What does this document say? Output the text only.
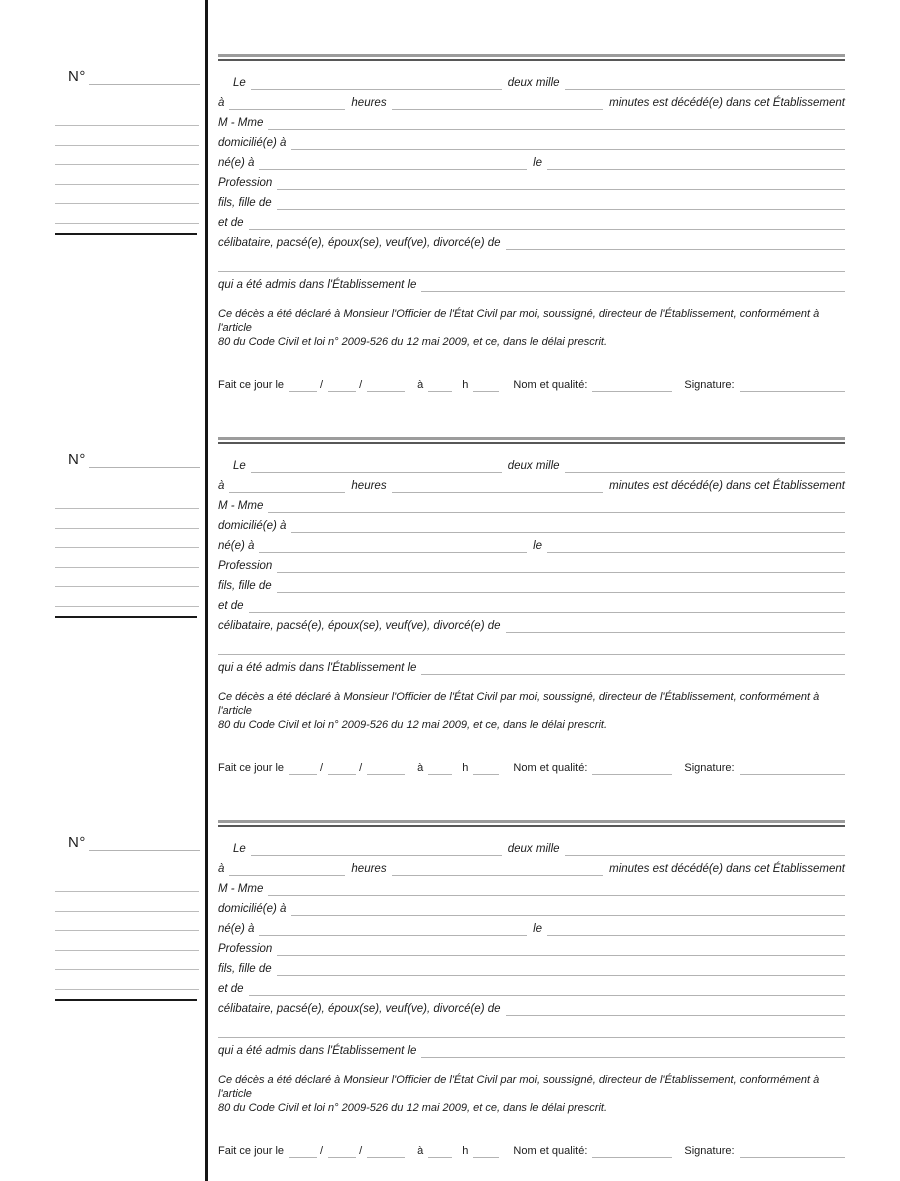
N°	Le	deux mille
à	heures	minutes est décédé(e) dans cet Établissement
M - Mme
domicilié(e) à
né(e) à	le
Profession
fils, fille de
et de
célibataire, pacsé(e), époux(se), veuf(ve), divorcé(e) de
qui a été admis dans l'Établissement le
Ce décès a été déclaré à Monsieur l'Officier de l'État Civil par moi, soussigné, directeur de l'Établissement, conformément à l'article
80 du Code Civil et loi n° 2009-526 du 12 mai 2009, et ce, dans le délai prescrit.
Fait ce jour le	/	/	à	h	Nom et qualité:	Signature:
N°	Le	deux mille
à	heures	minutes est décédé(e) dans cet Établissement
M - Mme
domicilié(e) à
né(e) à	le
Profession
fils, fille de
et de
célibataire, pacsé(e), époux(se), veuf(ve), divorcé(e) de
qui a été admis dans l'Établissement le
Ce décès a été déclaré à Monsieur l'Officier de l'État Civil par moi, soussigné, directeur de l'Établissement, conformément à l'article
80 du Code Civil et loi n° 2009-526 du 12 mai 2009, et ce, dans le délai prescrit.
Fait ce jour le	/	/	à	h	Nom et qualité:	Signature:
N°	Le	deux mille
à	heures	minutes est décédé(e) dans cet Établissement
M - Mme
domicilié(e) à
né(e) à	le
Profession
fils, fille de
et de
célibataire, pacsé(e), époux(se), veuf(ve), divorcé(e) de
qui a été admis dans l'Établissement le
Ce décès a été déclaré à Monsieur l'Officier de l'État Civil par moi, soussigné, directeur de l'Établissement, conformément à l'article
80 du Code Civil et loi n° 2009-526 du 12 mai 2009, et ce, dans le délai prescrit.
Fait ce jour le	/	/	à	h	Nom et qualité:	Signature:
